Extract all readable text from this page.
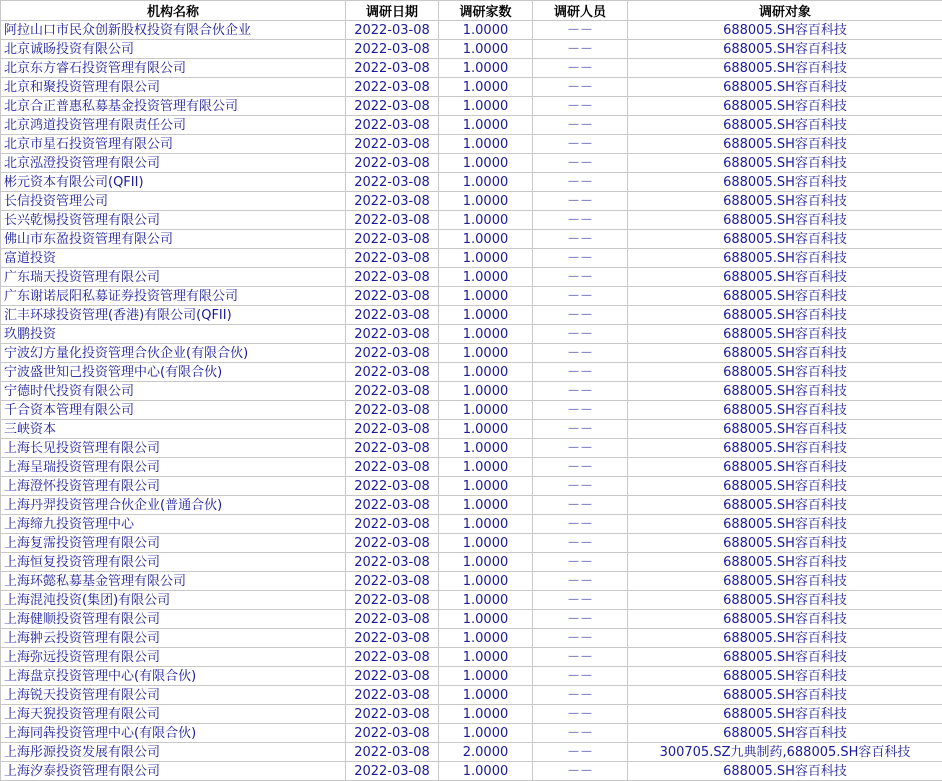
机构名称	调研日期	调研家数	调研人员	调研对象
阿拉山口市民众创新股权投资有限合伙企业	2022-03-08	1.0000	－－	688005.SH容百科技
北京诚旸投资有限公司	2022-03-08	1.0000	－－	688005.SH容百科技
北京东方睿石投资管理有限公司	2022-03-08	1.0000	－－	688005.SH容百科技
北京和聚投资管理有限公司	2022-03-08	1.0000	－－	688005.SH容百科技
北京合正普惠私募基金投资管理有限公司	2022-03-08	1.0000	－－	688005.SH容百科技
北京鸿道投资管理有限责任公司	2022-03-08	1.0000	－－	688005.SH容百科技
北京市星石投资管理有限公司	2022-03-08	1.0000	－－	688005.SH容百科技
北京泓澄投资管理有限公司	2022-03-08	1.0000	－－	688005.SH容百科技
彬元资本有限公司(QFII)	2022-03-08	1.0000	－－	688005.SH容百科技
长信投资管理公司	2022-03-08	1.0000	－－	688005.SH容百科技
长兴乾惕投资管理有限公司	2022-03-08	1.0000	－－	688005.SH容百科技
佛山市东盈投资管理有限公司	2022-03-08	1.0000	－－	688005.SH容百科技
富道投资	2022-03-08	1.0000	－－	688005.SH容百科技
广东瑞天投资管理有限公司	2022-03-08	1.0000	－－	688005.SH容百科技
广东谢诺辰阳私募证券投资管理有限公司	2022-03-08	1.0000	－－	688005.SH容百科技
汇丰环球投资管理(香港)有限公司(QFII)	2022-03-08	1.0000	－－	688005.SH容百科技
玖鹏投资	2022-03-08	1.0000	－－	688005.SH容百科技
宁波幻方量化投资管理合伙企业(有限合伙)	2022-03-08	1.0000	－－	688005.SH容百科技
宁波盛世知己投资管理中心(有限合伙)	2022-03-08	1.0000	－－	688005.SH容百科技
宁德时代投资有限公司	2022-03-08	1.0000	－－	688005.SH容百科技
千合资本管理有限公司	2022-03-08	1.0000	－－	688005.SH容百科技
三峡资本	2022-03-08	1.0000	－－	688005.SH容百科技
上海长见投资管理有限公司	2022-03-08	1.0000	－－	688005.SH容百科技
上海呈瑞投资管理有限公司	2022-03-08	1.0000	－－	688005.SH容百科技
上海澄怀投资管理有限公司	2022-03-08	1.0000	－－	688005.SH容百科技
上海丹羿投资管理合伙企业(普通合伙)	2022-03-08	1.0000	－－	688005.SH容百科技
上海缔九投资管理中心	2022-03-08	1.0000	－－	688005.SH容百科技
上海复霈投资管理有限公司	2022-03-08	1.0000	－－	688005.SH容百科技
上海恒复投资管理有限公司	2022-03-08	1.0000	－－	688005.SH容百科技
上海环懿私募基金管理有限公司	2022-03-08	1.0000	－－	688005.SH容百科技
上海混沌投资(集团)有限公司	2022-03-08	1.0000	－－	688005.SH容百科技
上海健顺投资管理有限公司	2022-03-08	1.0000	－－	688005.SH容百科技
上海翀云投资管理有限公司	2022-03-08	1.0000	－－	688005.SH容百科技
上海弥远投资管理有限公司	2022-03-08	1.0000	－－	688005.SH容百科技
上海盘京投资管理中心(有限合伙)	2022-03-08	1.0000	－－	688005.SH容百科技
上海锐天投资管理有限公司	2022-03-08	1.0000	－－	688005.SH容百科技
上海天猊投资管理有限公司	2022-03-08	1.0000	－－	688005.SH容百科技
上海同犇投资管理中心(有限合伙)	2022-03-08	1.0000	－－	688005.SH容百科技
上海彤源投资发展有限公司	2022-03-08	2.0000	－－	300705.SZ九典制药,688005.SH容百科技
上海汐泰投资管理有限公司	2022-03-08	1.0000	－－	688005.SH容百科技
